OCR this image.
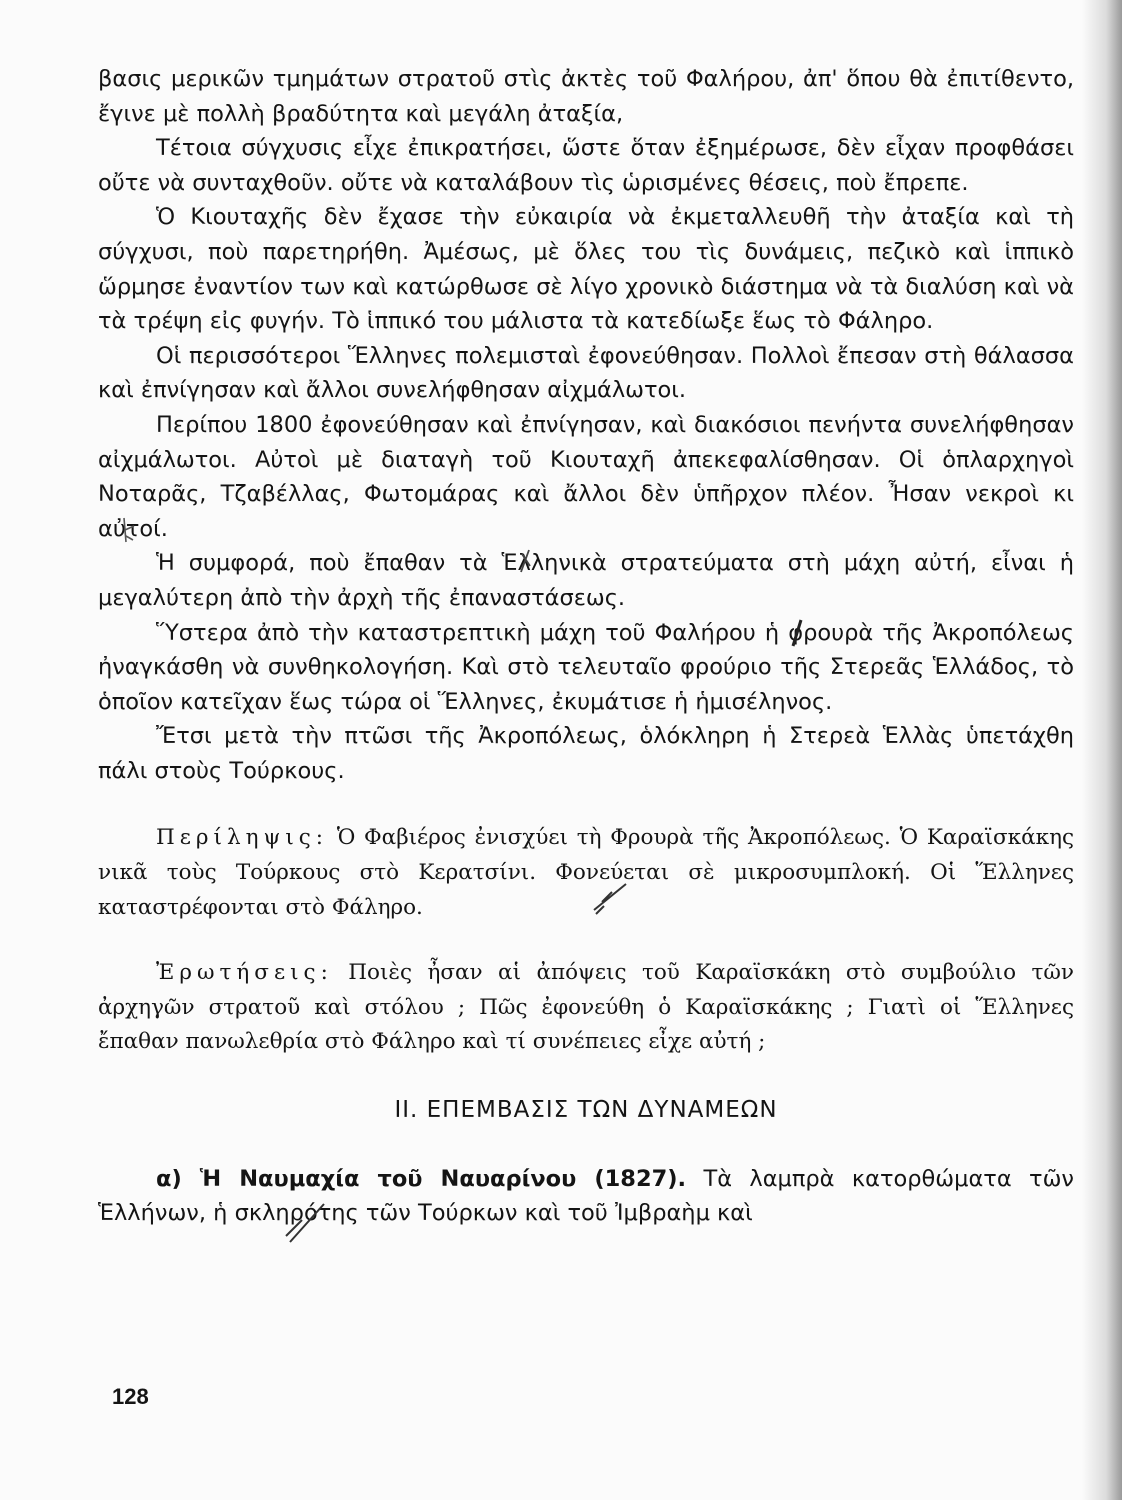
βασις μερικῶν τμημάτων στρατοῦ στὶς ἀκτὲς τοῦ Φαλήρου, ἀπ' ὅπου θὰ ἐπιτίθεντο, ἔγινε μὲ πολλὴ βραδύτητα καὶ μεγάλη ἀταξία,

Τέτοια σύγχυσις εἶχε ἐπικρατήσει, ὥστε ὅταν ἐξημέρωσε, δὲν εἶχαν προφθάσει οὔτε νὰ συνταχθοῦν. οὔτε νὰ καταλάβουν τὶς ὡρισμένες θέσεις, ποὺ ἔπρεπε.

Ὁ Κιουταχῆς δὲν ἔχασε τὴν εὐκαιρία νὰ ἐκμεταλλευθῆ τὴν ἀταξία καὶ τὴ σύγχυσι, ποὺ παρετηρήθη. Ἀμέσως, μὲ ὅλες του τὶς δυνάμεις, πεζικὸ καὶ ἱππικὸ ὥρμησε ἐναντίον των καὶ κατώρθωσε σὲ λίγο χρονικὸ διάστημα νὰ τὰ διαλύση καὶ νὰ τὰ τρέψη εἰς φυγήν. Τὸ ἱππικό του μάλιστα τὰ κατεδίωξε ἕως τὸ Φάληρο.

Οἱ περισσότεροι Ἕλληνες πολεμισταὶ ἐφονεύθησαν. Πολλοὶ ἔπεσαν στὴ θάλασσα καὶ ἐπνίγησαν καὶ ἄλλοι συνελήφθησαν αἰχμάλωτοι.

Περίπου 1800 ἐφονεύθησαν καὶ ἐπνίγησαν, καὶ διακόσιοι πενήντα συνελήφθησαν αἰχμάλωτοι. Αὐτοὶ μὲ διαταγὴ τοῦ Κιουταχῆ ἀπεκεφαλίσθησαν. Οἱ ὁπλαρχηγοὶ Νοταρᾶς, Τζαβέλλας, Φωτομάρας καὶ ἄλλοι δὲν ὑπῆρχον πλέον. Ἦσαν νεκροὶ κι αὐτοί.

Ἡ συμφορά, ποὺ ἔπαθαν τὰ Ἑλληνικὰ στρατεύματα στὴ μάχη αὐτή, εἶναι ἡ μεγαλύτερη ἀπὸ τὴν ἀρχὴ τῆς ἐπαναστάσεως.

Ὕστερα ἀπὸ τὴν καταστρεπτικὴ μάχη τοῦ Φαλήρου ἡ φρουρὰ τῆς Ἀκροπόλεως ἠναγκάσθη νὰ συνθηκολογήση. Καὶ στὸ τελευταῖο φρούριο τῆς Στερεᾶς Ἑλλάδος, τὸ ὁποῖον κατεῖχαν ἕως τώρα οἱ Ἕλληνες, ἐκυμάτισε ἡ ἡμισέληνος.

Ἔτσι μετὰ τὴν πτῶσι τῆς Ἀκροπόλεως, ὁλόκληρη ἡ Στερεὰ Ἑλλὰς ὑπετάχθη πάλι στοὺς Τούρκους.

Περίληψις: Ὁ Φαβιέρος ἐνισχύει τὴ Φρουρὰ τῆς Ἀκροπόλεως. Ὁ Καραϊσκάκης νικᾶ τοὺς Τούρκους στὸ Κερατσίνι. Φονεύεται σὲ μικροσυμπλοκή. Οἱ Ἕλληνες καταστρέφονται στὸ Φάληρο.

Ἐρωτήσεις: Ποιὲς ἦσαν αἱ ἀπόψεις τοῦ Καραϊσκάκη στὸ συμβούλιο τῶν ἀρχηγῶν στρατοῦ καὶ στόλου ; Πῶς ἐφονεύθη ὁ Καραϊσκάκης ; Γιατὶ οἱ Ἕλληνες ἔπαθαν πανωλεθρία στὸ Φάληρο καὶ τί συνέπειες εἶχε αὐτή ;

ΙΙ. ΕΠΕΜΒΑΣΙΣ ΤΩΝ ΔΥΝΑΜΕΩΝ

α) Ἡ Ναυμαχία τοῦ Ναυαρίνου (1827). Τὰ λαμπρὰ κατορθώματα τῶν Ἑλλήνων, ἡ σκληρότης τῶν Τούρκων καὶ τοῦ Ἰμβραὴμ καὶ

128
